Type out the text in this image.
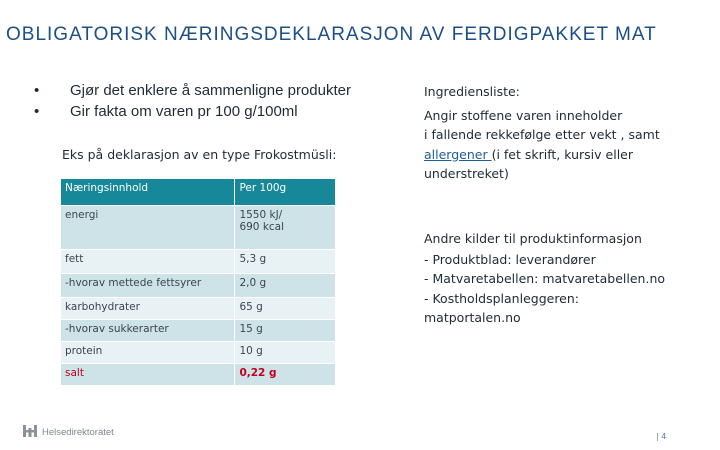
OBLIGATORISK NÆRINGSDEKLARASJON AV FERDIGPAKKET MAT
• Gjør det enklere å sammenligne produkter
• Gir fakta om varen pr 100 g/100ml
Eks på deklarasjon av en type Frokostmüsli:
Næringsinnhold	Per 100g
energi	1550 kJ/
690 kcal

fett	5,3 g
-hvorav mettede fettsyrer	2,0 g
karbohydrater	65 g
-hvorav sukkerarter	15 g
protein	10 g
salt	0,22 g
Ingrediensliste:
Angir stoffene varen inneholder
i fallende rekkefølge etter vekt , samt
allergener (i fet skrift, kursiv eller
understreket)
Andre kilder til produktinformasjon
- Produktblad: leverandører
- Matvaretabellen: matvaretabellen.no
- Kostholdsplanleggeren:
matportalen.no
Helsedirektoratet	| 4
